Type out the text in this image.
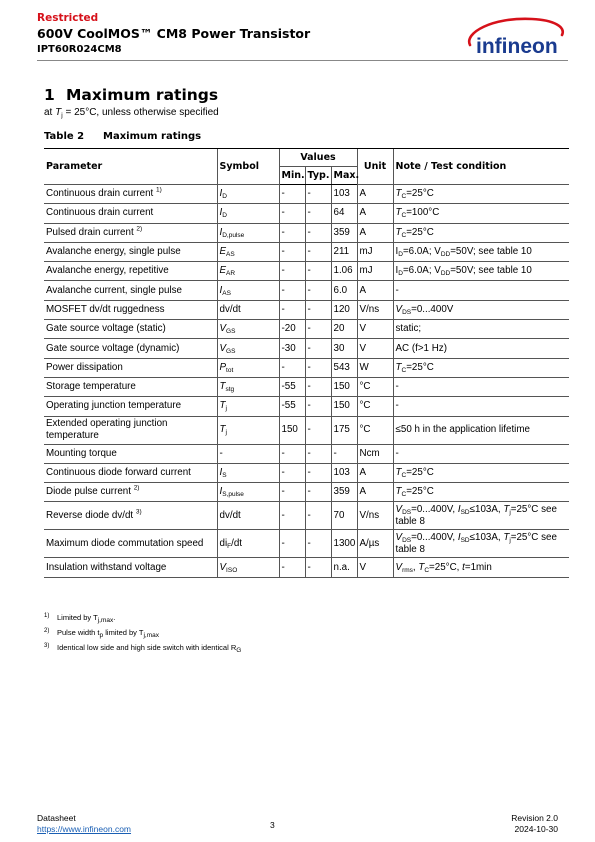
Restricted
600V CoolMOS™ CM8 Power Transistor
IPT60R024CM8	infineon
1 Maximum ratings
at $T_j = 25^\circ C$, unless otherwise specified
Table 2 Maximum ratings
Parameter	Symbol	Values			Unit	Note / Test condition
		Min.	Typ.	Max.		
Continuous drain current $^{1)}$	$I_D$	-	-	103	A	$T_C=25^\circ C$
Continuous drain current	$I_D$	-	-	64	A	$T_C=100^\circ C$
Pulsed drain current $^{2)}$	$I_{D,pulse}$	-	-	359	A	$T_C=25^\circ C$
Avalanche energy, single pulse	$E_{AS}$	-	-	211	mJ	$I_D=6.0A$; $V_{DD}=50V$; see table 10
Avalanche energy, repetitive	$E_{AR}$	-	-	1.06	mJ	$I_D=6.0A$; $V_{DD}=50V$; see table 10
Avalanche current, single pulse	$I_{AS}$	-	-	6.0	A	-
MOSFET dv/dt ruggedness	dv/dt	-	-	120	V/ns	$V_{DS}=0...400V$
Gate source voltage (static)	$V_{GS}$	-20	-	20	V	static;
Gate source voltage (dynamic)	$V_{GS}$	-30	-	30	V	AC (f>1 Hz)
Power dissipation	$P_{tot}$	-	-	543	W	$T_C=25^\circ C$
Storage temperature	$T_{stg}$	-55	-	150	°C	-
Operating junction temperature	$T_j$	-55	-	150	°C	-
Extended operating junction temperature	$T_j$	150	-	175	°C	≤50 h in the application lifetime
Mounting torque	-	-	-	-	Ncm	-
Continuous diode forward current	$I_S$	-	-	103	A	$T_C=25^\circ C$
Diode pulse current $^{2)}$	$I_{S,pulse}$	-	-	359	A	$T_C=25^\circ C$
Reverse diode dv/dt $^{3)}$	dv/dt	-	-	70	V/ns	$V_{DS}=0...400V$, $I_{SD}\le 103A$, $T_j=25^\circ C$ see table 8
Maximum diode commutation speed	$di_F/dt$	-	-	1300	A/µs	$V_{DS}=0...400V$, $I_{SD}\le 103A$, $T_j=25^\circ C$ see table 8
Insulation withstand voltage	$V_{ISO}$	-	-	n.a.	V	$V_{rms}$, $T_C=25^\circ C$, t=1min
1) Limited by $T_{j,max}$.
2) Pulse width $t_p$ limited by $T_{j,max}$
3) Identical low side and high side switch with identical $R_G$
Datasheet
https://www.infineon.com	3
Revision 2.0
2024-10-30
